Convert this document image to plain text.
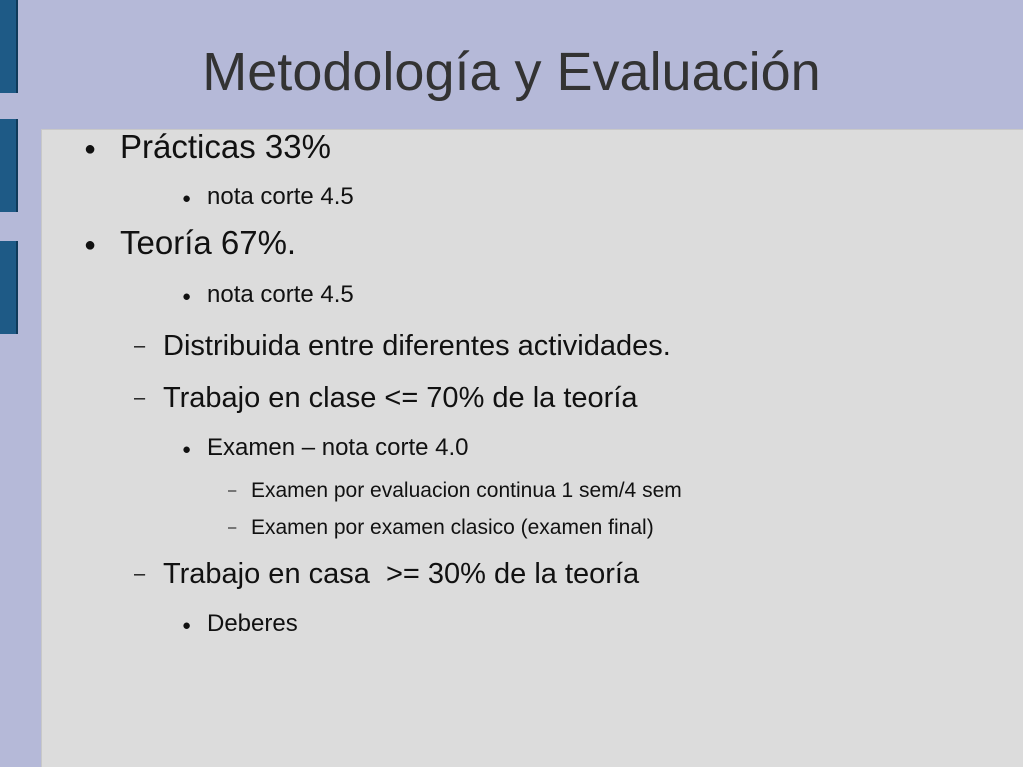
Metodología y Evaluación
● Prácticas 33%
● nota corte 4.5
● Teoría 67%.
● nota corte 4.5
– Distribuida entre diferentes actividades.
– Trabajo en clase <= 70% de la teoría
● Examen – nota corte 4.0
– Examen por evaluacion continua 1 sem/4 sem
– Examen por examen clasico (examen final)
– Trabajo en casa  >= 30% de la teoría
● Deberes
